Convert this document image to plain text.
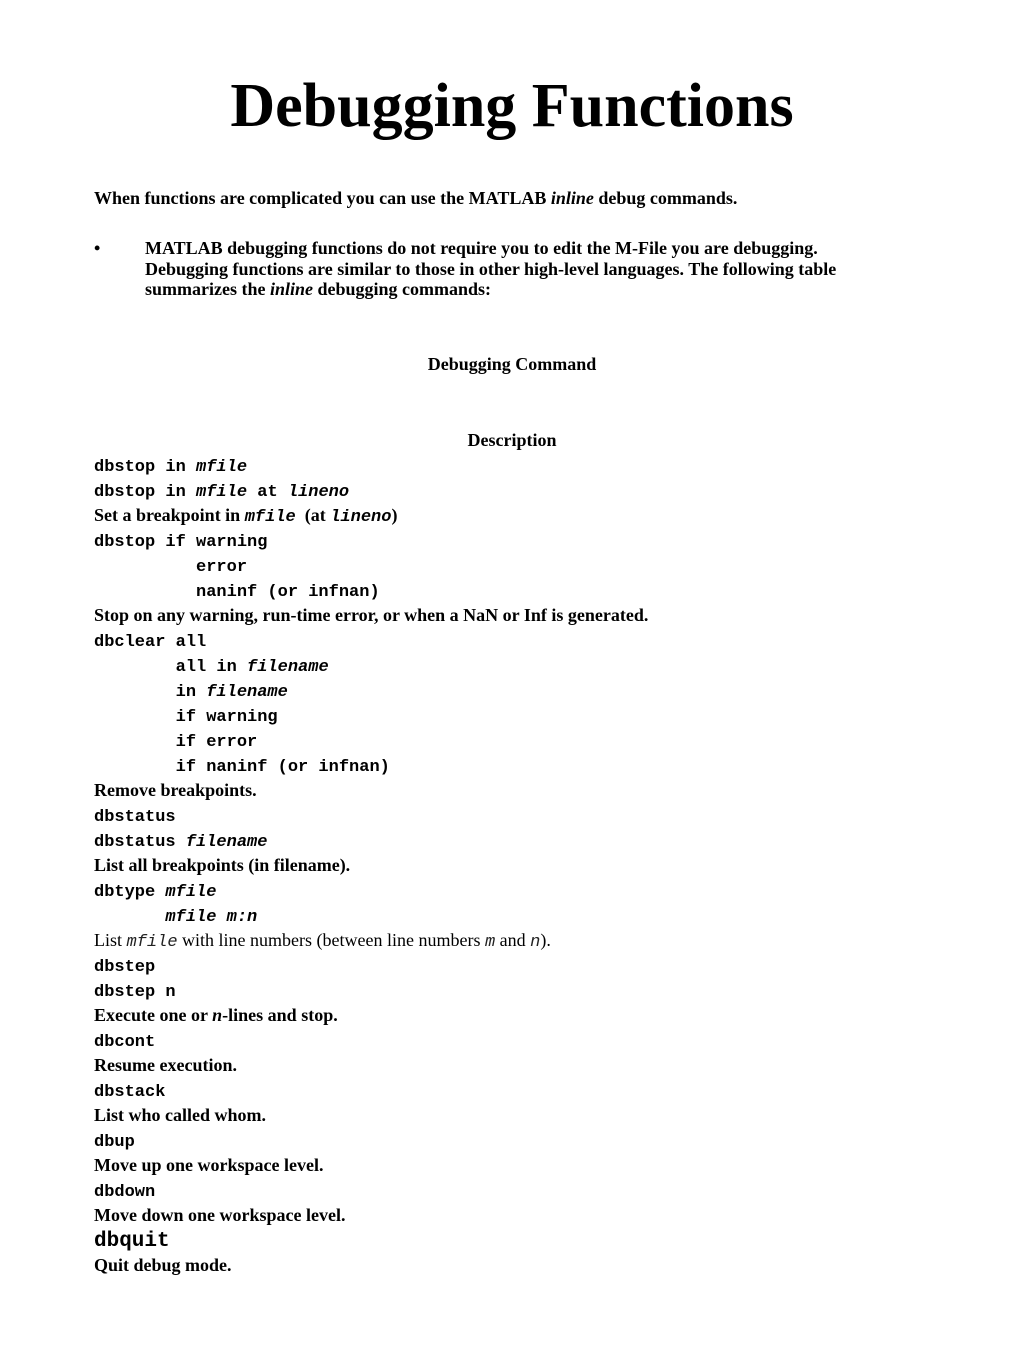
Debugging Functions
When functions are complicated you can use the MATLAB inline debug commands.
• MATLAB debugging functions do not require you to edit the M-File you are debugging. Debugging functions are similar to those in other high-level languages. The following table summarizes the inline debugging commands:
Debugging Command
Description
dbstop in mfile
dbstop in mfile at lineno
Set a breakpoint in mfile  (at lineno)
dbstop if warning
error
naninf (or infnan)
Stop on any warning, run-time error, or when a NaN or Inf is generated.
dbclear all
all in filename
in filename
if warning
if error
if naninf (or infnan)
Remove breakpoints.
dbstatus
dbstatus filename
List all breakpoints (in filename).
dbtype mfile
mfile m:n
List mfile with line numbers (between line numbers m and n).
dbstep
dbstep n
Execute one or n-lines and stop.
dbcont
Resume execution.
dbstack
List who called whom.
dbup
Move up one workspace level.
dbdown
Move down one workspace level.
dbquit
Quit debug mode.
